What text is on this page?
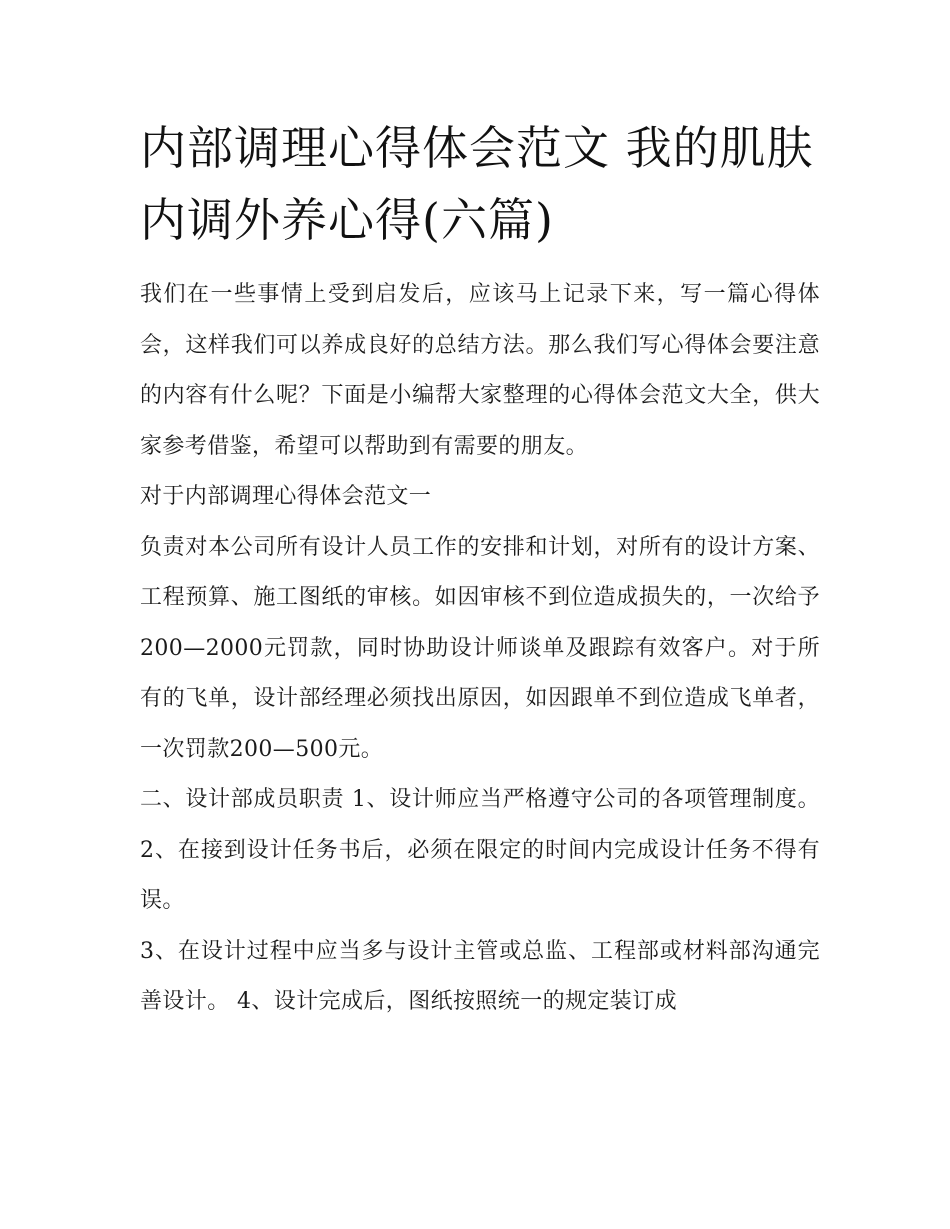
内部调理心得体会范文 我的肌肤内调外养心得(六篇)

我们在一些事情上受到启发后，应该马上记录下来，写一篇心得体会，这样我们可以养成良好的总结方法。那么我们写心得体会要注意的内容有什么呢？下面是小编帮大家整理的心得体会范文大全，供大家参考借鉴，希望可以帮助到有需要的朋友。

对于内部调理心得体会范文一

负责对本公司所有设计人员工作的安排和计划，对所有的设计方案、工程预算、施工图纸的审核。如因审核不到位造成损失的，一次给予200—2000元罚款，同时协助设计师谈单及跟踪有效客户。对于所有的飞单，设计部经理必须找出原因，如因跟单不到位造成飞单者，一次罚款200—500元。

二、设计部成员职责 1、设计师应当严格遵守公司的各项管理制度。 2、在接到设计任务书后，必须在限定的时间内完成设计任务不得有误。

3、在设计过程中应当多与设计主管或总监、工程部或材料部沟通完善设计。 4、设计完成后，图纸按照统一的规定装订成
